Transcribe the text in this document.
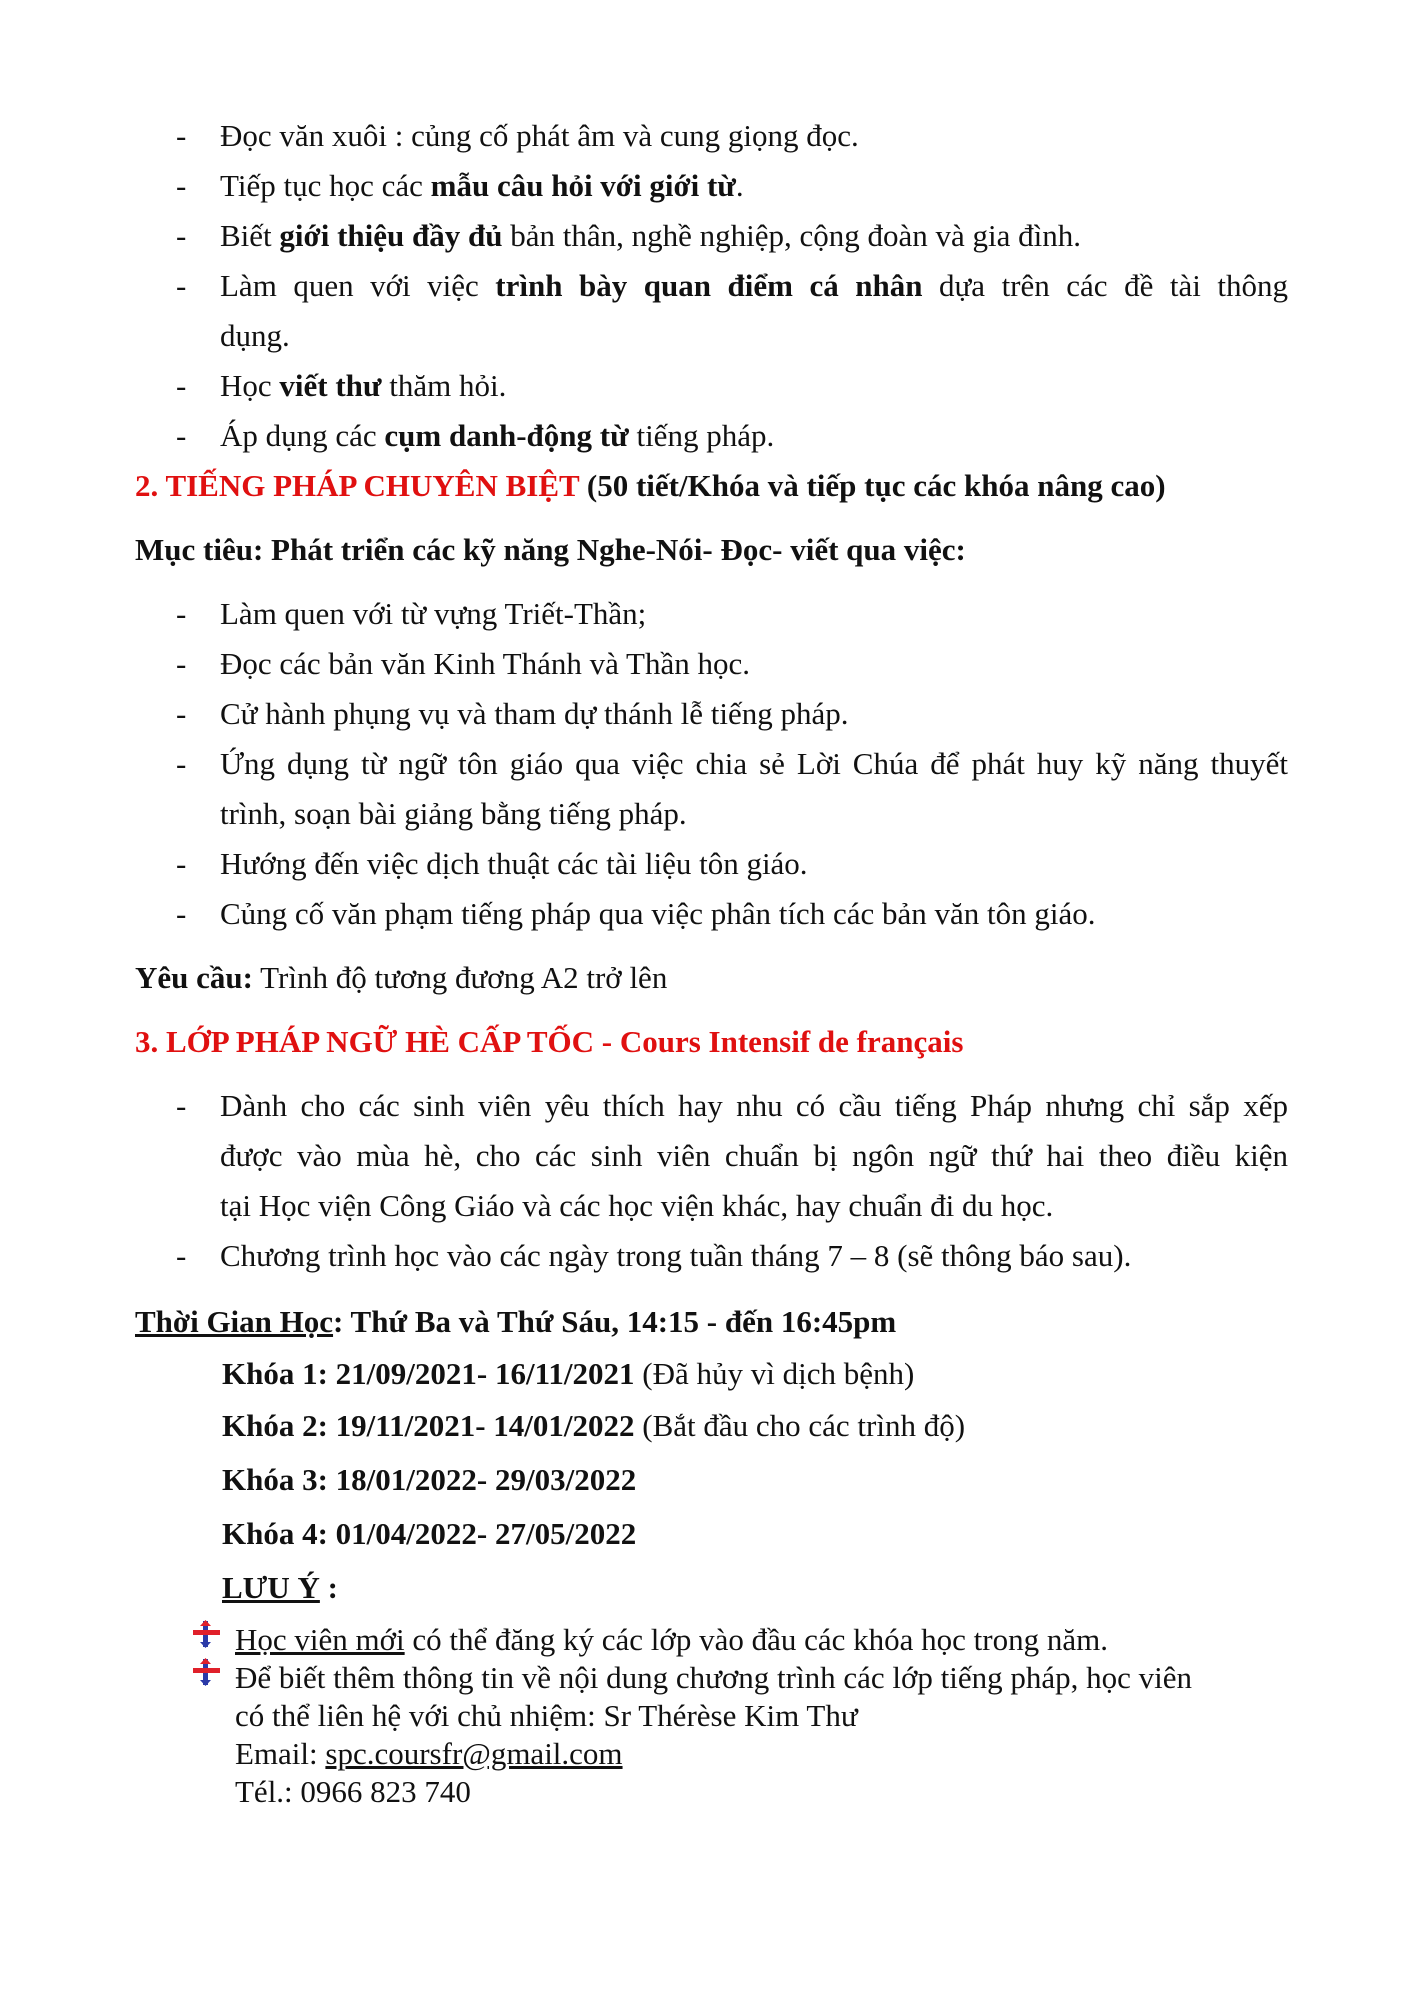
- Đọc văn xuôi : củng cố phát âm và cung giọng đọc.
- Tiếp tục học các mẫu câu hỏi với giới từ.
- Biết giới thiệu đầy đủ bản thân, nghề nghiệp, cộng đoàn và gia đình.
- Làm quen với việc trình bày quan điểm cá nhân dựa trên các đề tài thông
dụng.
- Học viết thư thăm hỏi.
- Áp dụng các cụm danh-động từ tiếng pháp.
2. TIẾNG PHÁP CHUYÊN BIỆT (50 tiết/Khóa và tiếp tục các khóa nâng cao)
Mục tiêu: Phát triển các kỹ năng Nghe-Nói- Đọc- viết qua việc:
- Làm quen với từ vựng Triết-Thần;
- Đọc các bản văn Kinh Thánh và Thần học.
- Cử hành phụng vụ và tham dự thánh lễ tiếng pháp.
- Ứng dụng từ ngữ tôn giáo qua việc chia sẻ Lời Chúa để phát huy kỹ năng thuyết
trình, soạn bài giảng bằng tiếng pháp.
- Hướng đến việc dịch thuật các tài liệu tôn giáo.
- Củng cố văn phạm tiếng pháp qua việc phân tích các bản văn tôn giáo.
Yêu cầu: Trình độ tương đương A2 trở lên
3. LỚP PHÁP NGỮ HÈ CẤP TỐC - Cours Intensif de français
- Dành cho các sinh viên yêu thích hay nhu có cầu tiếng Pháp nhưng chỉ sắp xếp
được vào mùa hè, cho các sinh viên chuẩn bị ngôn ngữ thứ hai theo điều kiện
tại Học viện Công Giáo và các học viện khác, hay chuẩn đi du học.
- Chương trình học vào các ngày trong tuần tháng 7 – 8 (sẽ thông báo sau).
Thời Gian Học: Thứ Ba và Thứ Sáu, 14:15 - đến 16:45pm
Khóa 1: 21/09/2021- 16/11/2021 (Đã hủy vì dịch bệnh)
Khóa 2: 19/11/2021- 14/01/2022 (Bắt đầu cho các trình độ)
Khóa 3: 18/01/2022- 29/03/2022
Khóa 4: 01/04/2022- 27/05/2022
LƯU Ý :
Học viên mới có thể đăng ký các lớp vào đầu các khóa học trong năm.
Để biết thêm thông tin về nội dung chương trình các lớp tiếng pháp, học viên
có thể liên hệ với chủ nhiệm: Sr Thérèse Kim Thư
Email: spc.coursfr@gmail.com
Tél.: 0966 823 740
